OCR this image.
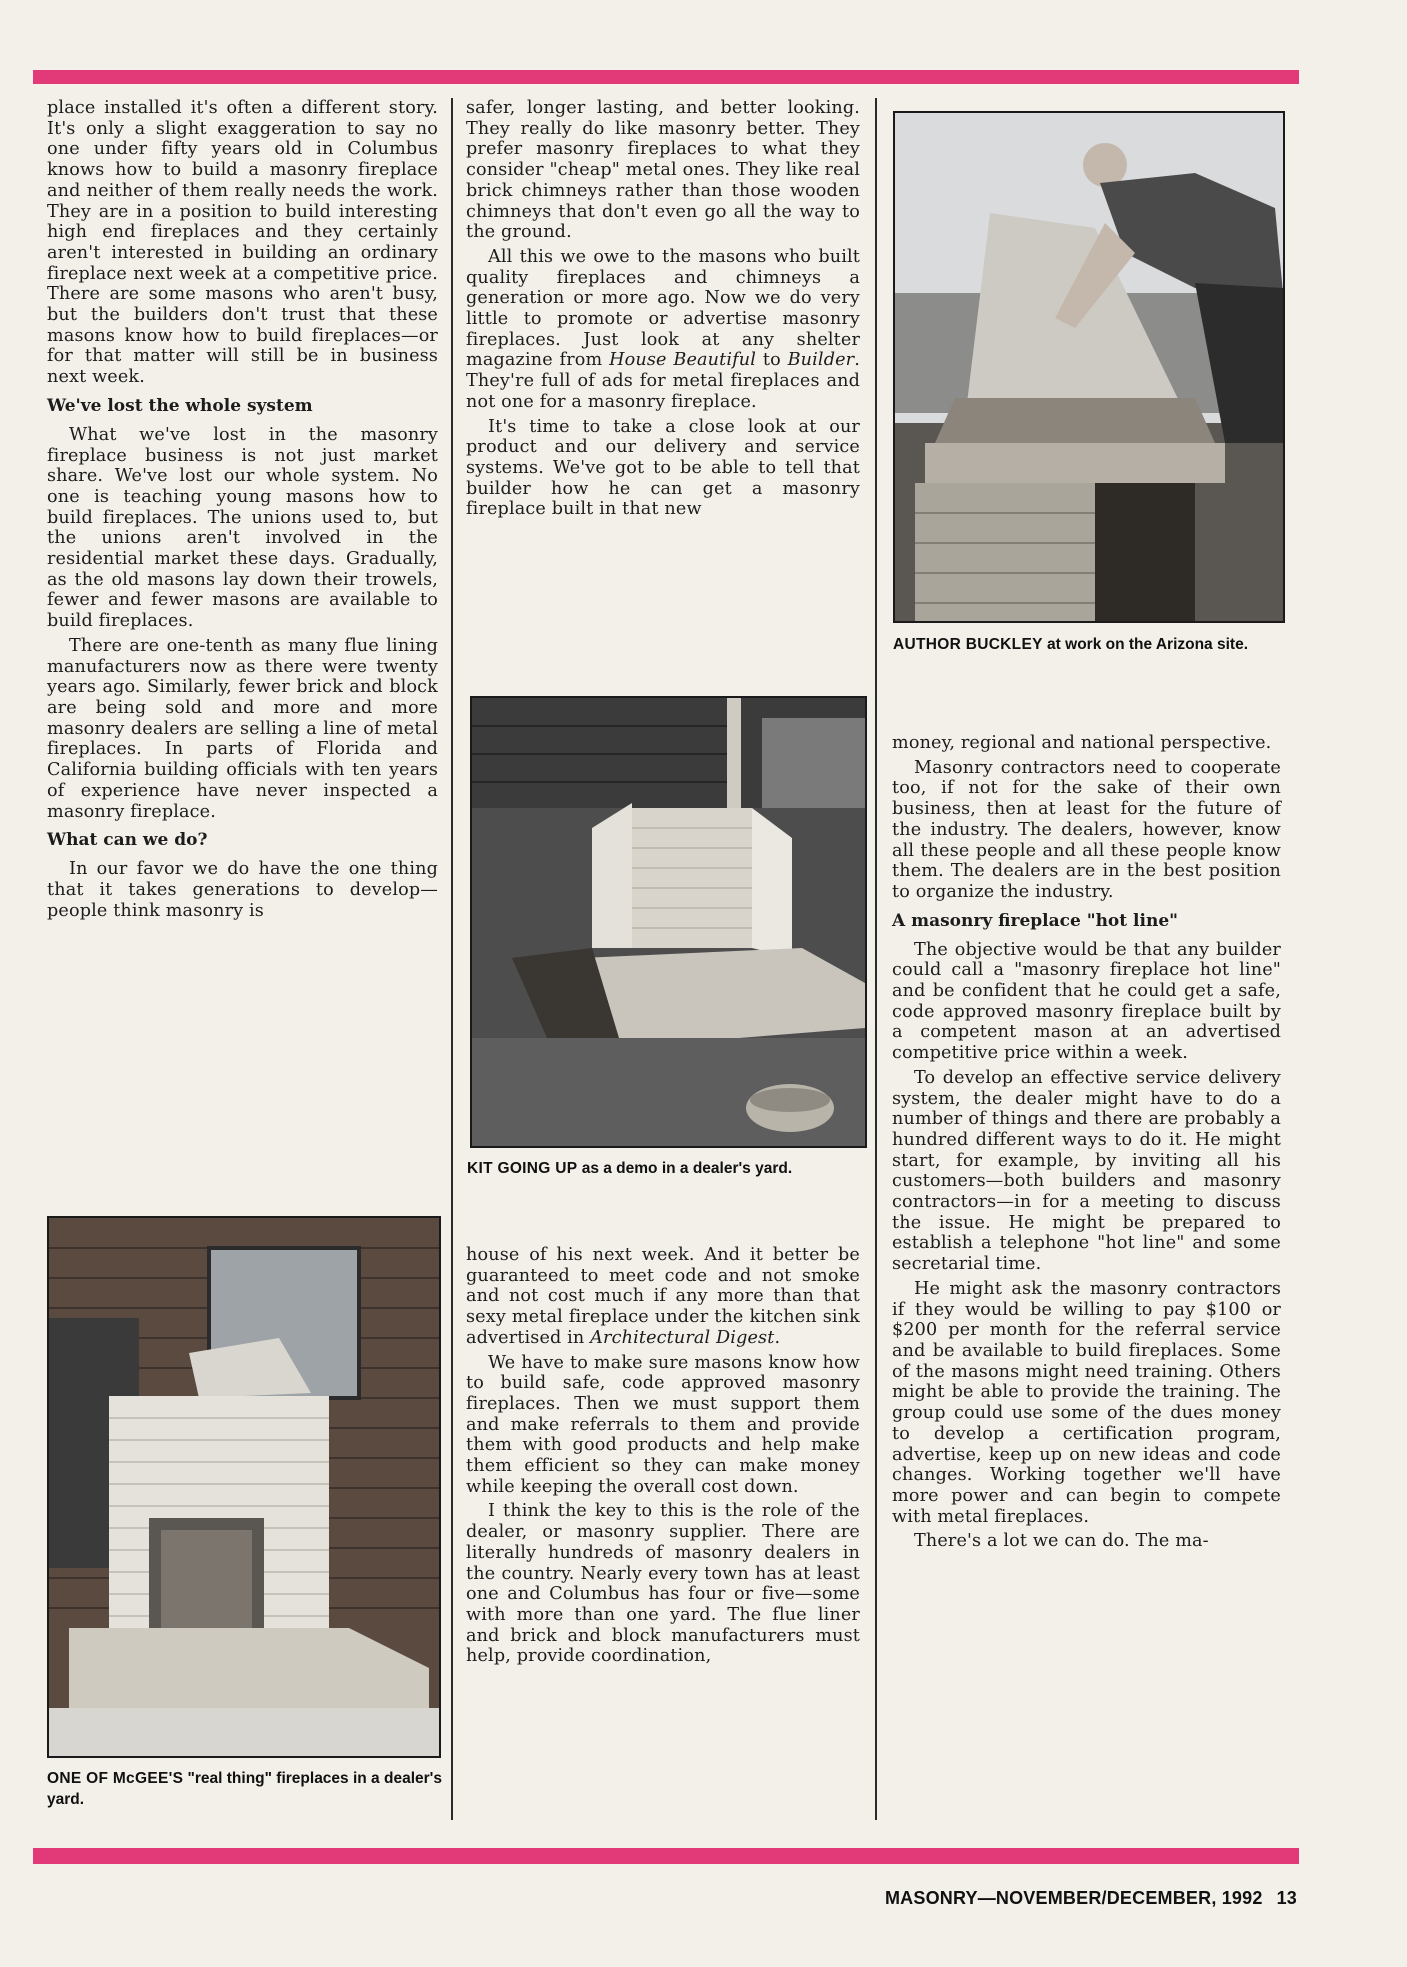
place installed it's often a different story. It's only a slight exaggeration to say no one under fifty years old in Columbus knows how to build a masonry fireplace and neither of them really needs the work. They are in a position to build interesting high end fireplaces and they certainly aren't interested in building an ordinary fireplace next week at a competitive price. There are some masons who aren't busy, but the builders don't trust that these masons know how to build fireplaces—or for that matter will still be in business next week.

We've lost the whole system

What we've lost in the masonry fireplace business is not just market share. We've lost our whole system. No one is teaching young masons how to build fireplaces. The unions used to, but the unions aren't involved in the residential market these days. Gradually, as the old masons lay down their trowels, fewer and fewer masons are available to build fireplaces.

There are one-tenth as many flue lining manufacturers now as there were twenty years ago. Similarly, fewer brick and block are being sold and more and more masonry dealers are selling a line of metal fireplaces. In parts of Florida and California building officials with ten years of experience have never inspected a masonry fireplace.

What can we do?

In our favor we do have the one thing that it takes generations to develop—people think masonry is

ONE OF McGEE'S "real thing" fireplaces in a dealer's yard.

safer, longer lasting, and better looking. They really do like masonry better. They prefer masonry fireplaces to what they consider "cheap" metal ones. They like real brick chimneys rather than those wooden chimneys that don't even go all the way to the ground.

All this we owe to the masons who built quality fireplaces and chimneys a generation or more ago. Now we do very little to promote or advertise masonry fireplaces. Just look at any shelter magazine from House Beautiful to Builder. They're full of ads for metal fireplaces and not one for a masonry fireplace.

It's time to take a close look at our product and our delivery and service systems. We've got to be able to tell that builder how he can get a masonry fireplace built in that new

KIT GOING UP as a demo in a dealer's yard.

house of his next week. And it better be guaranteed to meet code and not smoke and not cost much if any more than that sexy metal fireplace under the kitchen sink advertised in Architectural Digest.

We have to make sure masons know how to build safe, code approved masonry fireplaces. Then we must support them and make referrals to them and provide them with good products and help make them efficient so they can make money while keeping the overall cost down.

I think the key to this is the role of the dealer, or masonry supplier. There are literally hundreds of masonry dealers in the country. Nearly every town has at least one and Columbus has four or five—some with more than one yard. The flue liner and brick and block manufacturers must help, provide coordination,

AUTHOR BUCKLEY at work on the Arizona site.

money, regional and national perspective.

Masonry contractors need to cooperate too, if not for the sake of their own business, then at least for the future of the industry. The dealers, however, know all these people and all these people know them. The dealers are in the best position to organize the industry.

A masonry fireplace "hot line"

The objective would be that any builder could call a "masonry fireplace hot line" and be confident that he could get a safe, code approved masonry fireplace built by a competent mason at an advertised competitive price within a week.

To develop an effective service delivery system, the dealer might have to do a number of things and there are probably a hundred different ways to do it. He might start, for example, by inviting all his customers—both builders and masonry contractors—in for a meeting to discuss the issue. He might be prepared to establish a telephone "hot line" and some secretarial time.

He might ask the masonry contractors if they would be willing to pay $100 or $200 per month for the referral service and be available to build fireplaces. Some of the masons might need training. Others might be able to provide the training. The group could use some of the dues money to develop a certification program, advertise, keep up on new ideas and code changes. Working together we'll have more power and can begin to compete with metal fireplaces.

There's a lot we can do. The ma-

MASONRY—NOVEMBER/DECEMBER, 1992 13
